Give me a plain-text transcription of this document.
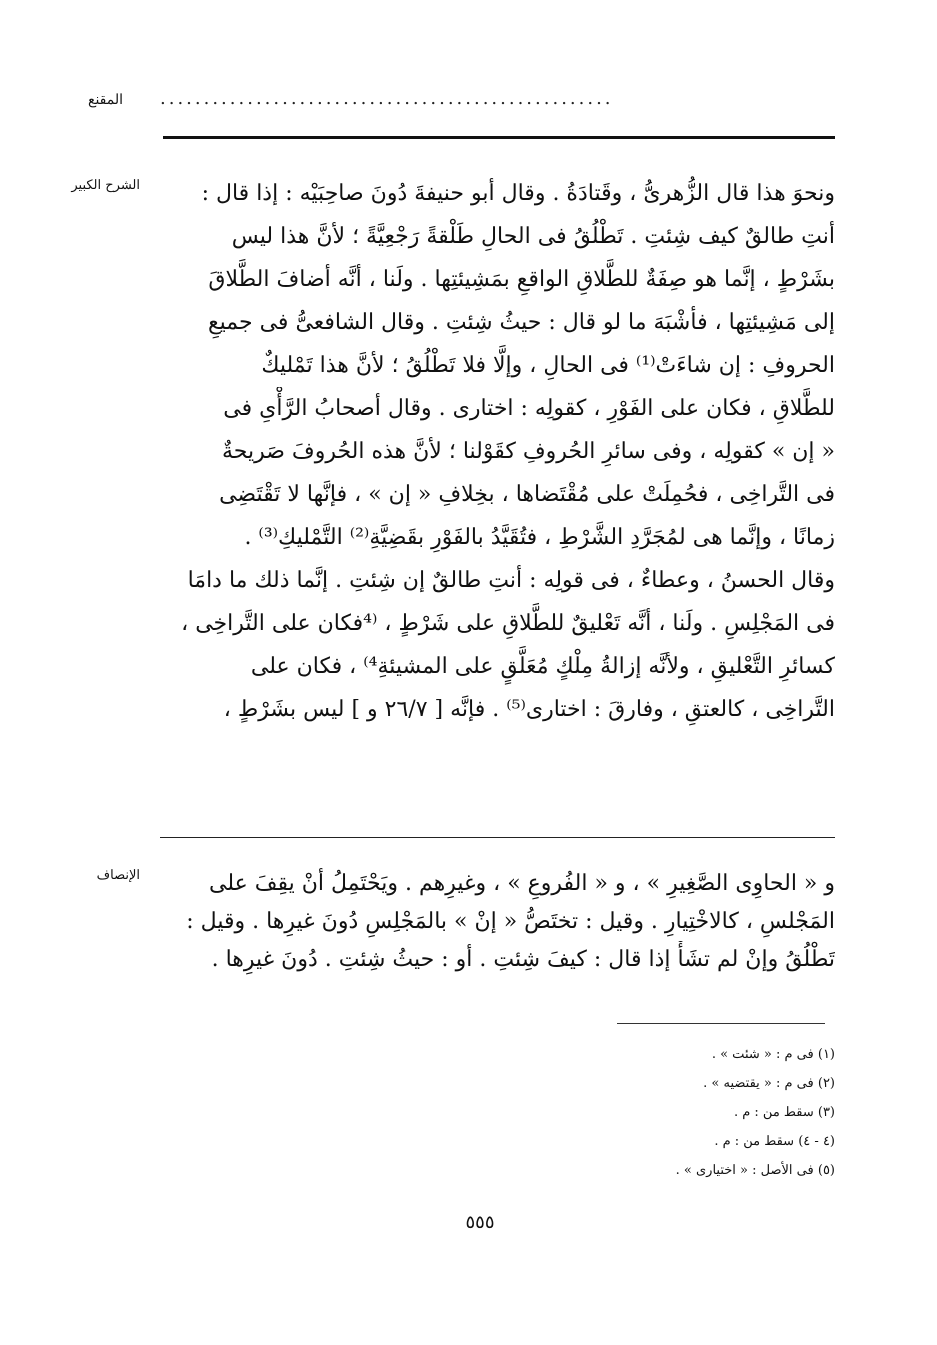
المقنع ....................................................
الشرح الكبير	ونحوَ هذا قال الزُّهرىُّ ، وقَتادَةُ . وقال أبو حنيفةَ دُونَ صاحِبَيْه : إذا قال :

أنتِ طالقٌ كيف شِئتِ . تَطْلُقُ فى الحالِ طَلْقةً رَجْعِيَّةً ؛ لأنَّ هذا ليس

بشَرْطٍ ، إنَّما هو صِفَةٌ للطَّلاقِ الواقعِ بمَشِيئتِها . ولَنا ، أنَّه أضافَ الطَّلاقَ

إلى مَشِيئتِها ، فأشْبَهَ ما لو قال : حيثُ شِئتِ . وقال الشافعىُّ فى جميعِ

الحروفِ : إن شاءَتْ⁽¹⁾ فى الحالِ ، وإلَّا فلا تَطْلُقُ ؛ لأنَّ هذا تَمْليكٌ

للطَّلاقِ ، فكان على الفَوْرِ ، كقولِه : اختارى . وقال أصحابُ الرَّأْىِ فى

« إن » كقولِه ، وفى سائرِ الحُروفِ كقَوْلنا ؛ لأنَّ هذه الحُروفَ صَريحةٌ

فى التَّراخِى ، فحُمِلَتْ على مُقْتَضاها ، بخِلافِ « إن » ، فإنَّها لا تَقْتَضِى

زمانًا ، وإنَّما هى لمُجَرَّدِ الشَّرْطِ ، فتُقَيَّدُ بالفَوْرِ بقَضِيَّةِ⁽²⁾ التَّمْليكِ⁽³⁾ .

وقال الحسنُ ، وعطاءٌ ، فى قولِه : أنتِ طالقٌ إن شِئتِ . إنَّما ذلك ما دامَا

فى المَجْلِسِ . ولَنا ، أنَّه تَعْليقٌ للطَّلاقِ على شَرْطٍ ، ⁽⁴فكان على التَّراخِى ،

كسائرِ التَّعْليقِ ، ولأنَّه إزالةُ مِلْكٍ مُعَلَّقٍ على المشيئةِ⁴⁾ ، فكان على

التَّراخِى ، كالعتقِ ، وفارقَ : اختارى⁽⁵⁾ . فإنَّه [ ٢٦/٧ و ] ليس بشَرْطٍ ،

الإنصاف	و « الحاوِى الصَّغِيرِ » ، و « الفُروعِ » ، وغيرِهم . ويَحْتَمِلُ أنْ يقِفَ على

المَجْلسِ ، كالاخْتِيارِ . وقيل : تختَصُّ « إنْ » بالمَجْلِسِ دُونَ غيرِها . وقيل :

تَطْلُقُ وإنْ لم تشَأْ إذا قال : كيفَ شِئتِ . أو : حيثُ شِئتِ . دُونَ غيرِها .

(١) فى م : « شئت » .
(٢) فى م : « يقتضيه » .
(٣) سقط من : م .
(٤ - ٤) سقط من : م .
(٥) فى الأصل : « اختيارى » .
٥٥٥
